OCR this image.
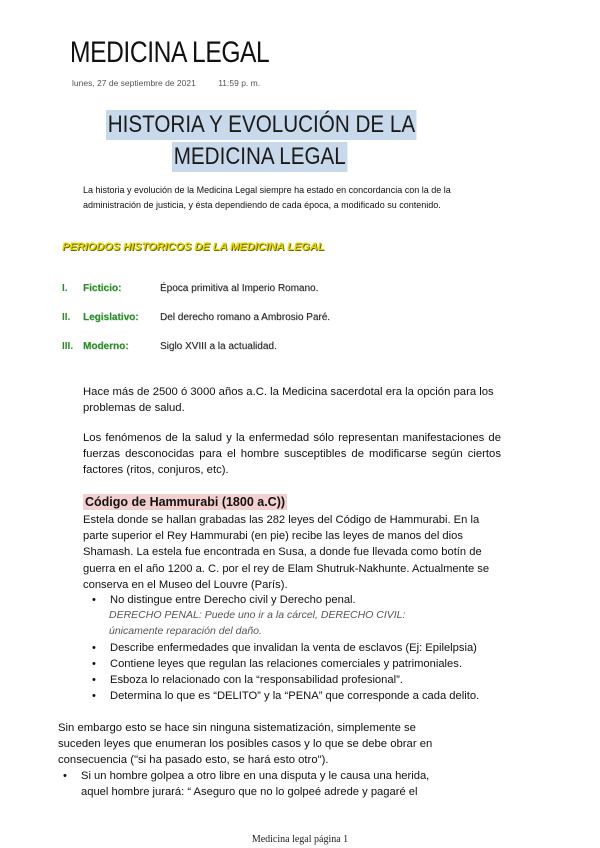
MEDICINA LEGAL
lunes, 27 de septiembre de 2021	11:59 p. m.
HISTORIA Y EVOLUCIÓN DE LA
MEDICINA LEGAL
La historia y evolución de la Medicina Legal siempre ha estado en concordancia con la de la administración de justicia, y ésta dependiendo de cada época, a modificado su contenido.
PERIODOS HISTORICOS DE LA MEDICINA LEGAL
I.	Ficticio:	Época primitiva al Imperio Romano.
II.	Legislativo:	Del derecho romano a Ambrosio Paré.
III. Moderno:	Siglo XVIII a la actualidad.
Hace más de 2500 ó 3000 años a.C. la Medicina sacerdotal era la opción para los problemas de salud.
Los fenómenos de la salud y la enfermedad sólo representan manifestaciones de fuerzas desconocidas para el hombre susceptibles de modificarse según ciertos factores (ritos, conjuros, etc).
Código de Hammurabi (1800 a.C))
Estela donde se hallan grabadas las 282 leyes del Código de Hammurabi. En la parte superior el Rey Hammurabi (en pie) recibe las leyes de manos del dios Shamash. La estela fue encontrada en Susa, a donde fue llevada como botín de guerra en el año 1200 a. C. por el rey de Elam Shutruk-Nakhunte. Actualmente se conserva en el Museo del Louvre (París).
• No distingue entre Derecho civil y Derecho penal.
DERECHO PENAL: Puede uno ir a la cárcel, DERECHO CIVIL:
únicamente reparación del daño.
• Describe enfermedades que invalidan la venta de esclavos (Ej: Epilelpsia)
• Contiene leyes que regulan las relaciones comerciales y patrimoniales.
• Esboza lo relacionado con la “responsabilidad profesional”.
• Determina lo que es “DELITO” y la “PENA” que corresponde a cada delito.
Sin embargo esto se hace sin ninguna sistematización, simplemente se suceden leyes que enumeran los posibles casos y lo que se debe obrar en consecuencia ("si ha pasado esto, se hará esto otro").
• Si un hombre golpea a otro libre en una disputa y le causa una herida,
aquel hombre jurará: “ Aseguro que no lo golpeé adrede y pagaré el
Medicina legal página 1
